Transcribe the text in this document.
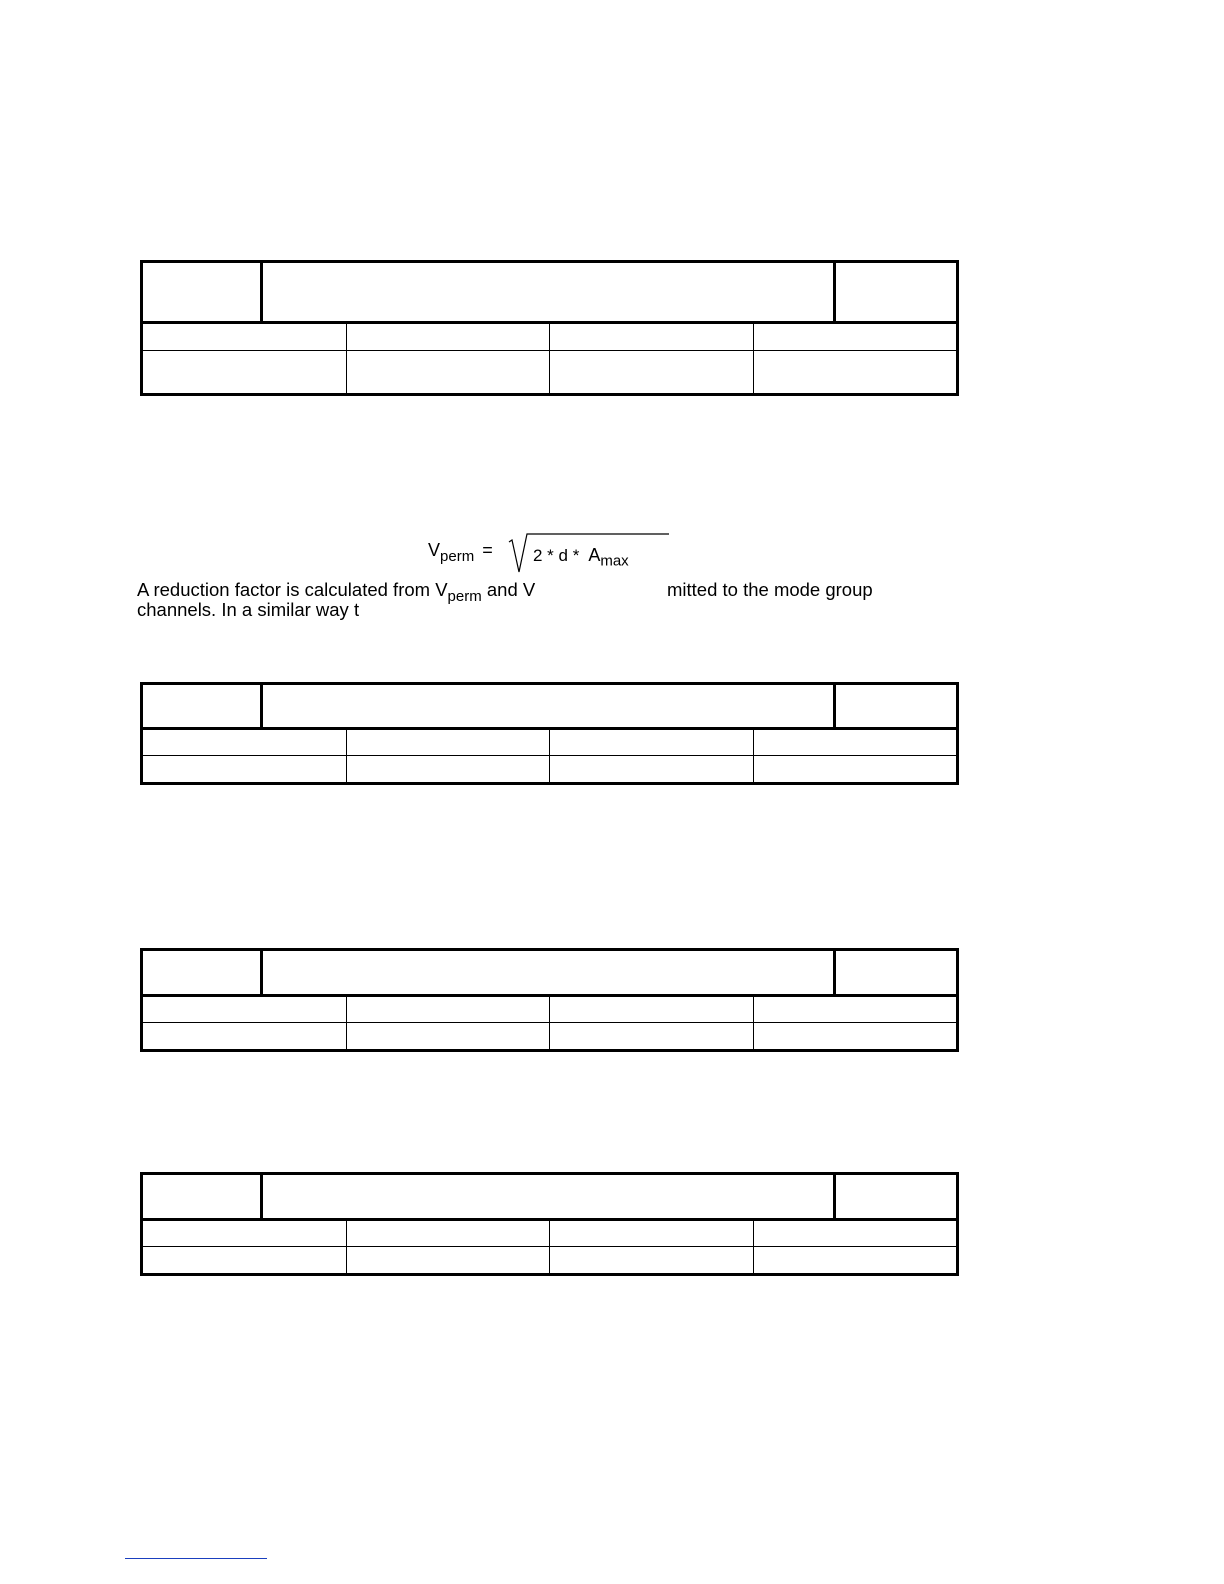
$V_{perm} = 2 * d * A_{max}$
A reduction factor is calculated from $V_{perm}$ and V	mitted to the mode group
channels. In a similar way t
